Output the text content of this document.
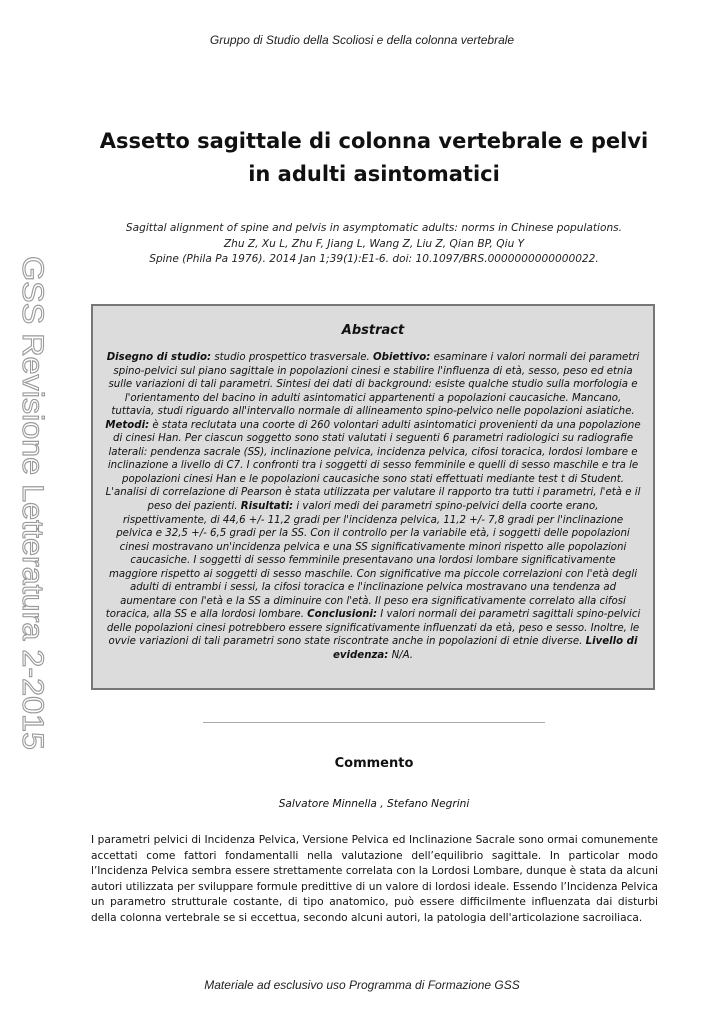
Gruppo di Studio della Scoliosi e della colonna vertebrale
GSS Revisione Letteratura 2-2015
Assetto sagittale di colonna vertebrale e pelvi in adulti asintomatici
Sagittal alignment of spine and pelvis in asymptomatic adults: norms in Chinese populations.
Zhu Z, Xu L, Zhu F, Jiang L, Wang Z, Liu Z, Qian BP, Qiu Y
Spine (Phila Pa 1976). 2014 Jan 1;39(1):E1-6. doi: 10.1097/BRS.0000000000000022.
Abstract
Disegno di studio: studio prospettico trasversale. Obiettivo: esaminare i valori normali dei parametri spino-pelvici sul piano sagittale in popolazioni cinesi e stabilire l'influenza di età, sesso, peso ed etnia sulle variazioni di tali parametri. Sintesi dei dati di background: esiste qualche studio sulla morfologia e l'orientamento del bacino in adulti asintomatici appartenenti a popolazioni caucasiche. Mancano, tuttavia, studi riguardo all'intervallo normale di allineamento spino-pelvico nelle popolazioni asiatiche. Metodi: è stata reclutata una coorte di 260 volontari adulti asintomatici provenienti da una popolazione di cinesi Han. Per ciascun soggetto sono stati valutati i seguenti 6 parametri radiologici su radiografie laterali: pendenza sacrale (SS), inclinazione pelvica, incidenza pelvica, cifosi toracica, lordosi lombare e inclinazione a livello di C7. I confronti tra i soggetti di sesso femminile e quelli di sesso maschile e tra le popolazioni cinesi Han e le popolazioni caucasiche sono stati effettuati mediante test t di Student. L'analisi di correlazione di Pearson è stata utilizzata per valutare il rapporto tra tutti i parametri, l'età e il peso dei pazienti. Risultati: i valori medi dei parametri spino-pelvici della coorte erano, rispettivamente, di 44,6 +/- 11,2 gradi per l'incidenza pelvica, 11,2 +/- 7,8 gradi per l'inclinazione pelvica e 32,5 +/- 6,5 gradi per la SS. Con il controllo per la variabile età, i soggetti delle popolazioni cinesi mostravano un'incidenza pelvica e una SS significativamente minori rispetto alle popolazioni caucasiche. I soggetti di sesso femminile presentavano una lordosi lombare significativamente maggiore rispetto ai soggetti di sesso maschile. Con significative ma piccole correlazioni con l'età degli adulti di entrambi i sessi, la cifosi toracica e l'inclinazione pelvica mostravano una tendenza ad aumentare con l'età e la SS a diminuire con l'età. Il peso era significativamente correlato alla cifosi toracica, alla SS e alla lordosi lombare. Conclusioni: I valori normali dei parametri sagittali spino-pelvici delle popolazioni cinesi potrebbero essere significativamente influenzati da età, peso e sesso. Inoltre, le ovvie variazioni di tali parametri sono state riscontrate anche in popolazioni di etnie diverse. Livello di evidenza: N/A.
Commento
Salvatore Minnella , Stefano Negrini
I parametri pelvici di Incidenza Pelvica, Versione Pelvica ed Inclinazione Sacrale sono ormai comunemente accettati come fattori fondamentalli nella valutazione dell’equilibrio sagittale. In particolar modo l’Incidenza Pelvica sembra essere strettamente correlata con la Lordosi Lombare, dunque è stata da alcuni autori utilizzata per sviluppare formule predittive di un valore di lordosi ideale. Essendo l’Incidenza Pelvica un parametro strutturale costante, di tipo anatomico, può essere difficilmente influenzata dai disturbi della colonna vertebrale se si eccettua, secondo alcuni autori, la patologia dell'articolazione sacroiliaca.
Materiale ad esclusivo uso Programma di Formazione GSS
